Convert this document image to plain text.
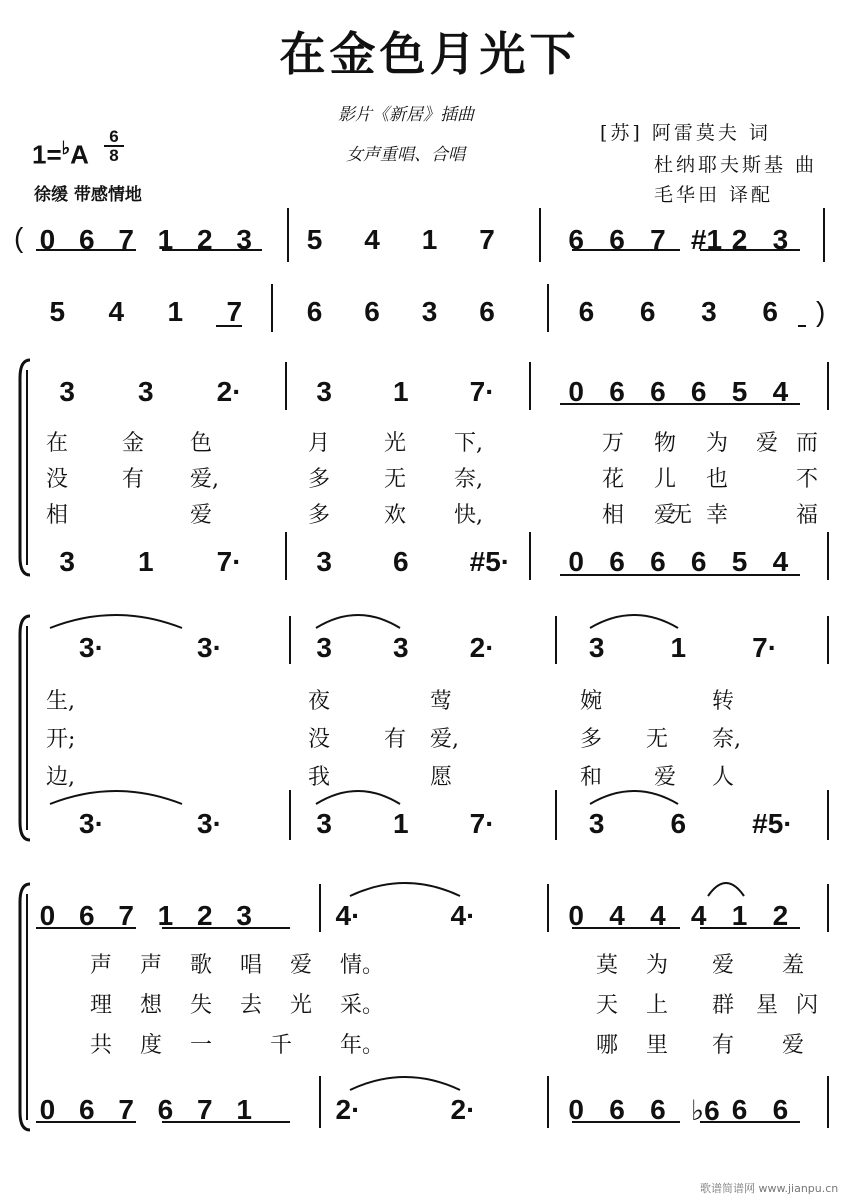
在金色月光下
影片《新居》插曲
女声重唱、合唱
1=♭A
6
8
徐缓 带感情地
[苏] 阿雷莫夫 词
杜纳耶夫斯基 曲
毛华田 译配
(
)
0 6 7 1 2 3 5 4 1 7	6 6 7 #1 2 3
5 4 1 7 6 6 3 6	6 6 3 6
3 3 2·	3 1 7·	0 6 6 6 5 4
3 1 7·	3 6 #5· 0 6 6 6 5 4
在 金 色	月 光 下,	万 物 为 爱 而
没 有 爱,	多 无 奈,	花 儿 也	不
相	爱	多 欢 快,	相 爱 幸	福
无
3·	3·	3 3 2·	3 1 7·
3·	3·	3 1 7·	3 6 #5·
生,	夜	莺	婉	转
开;	没 有 爱,	多 无 奈,
边,	我	愿	和 爱 人
0 6 7 1 2 3	4·	4·	0 4 4 4 1 2
0 6 7 6 7 1	2·	2·	0 6 6 ♭6 6 6
声 声 歌 唱 爱 情。	莫 为 爱 羞
理 想 失 去 光 采。	天 上 群 星 闪
共 度 一	千 年。	哪 里 有 爱
歌谱简谱网 www.jianpu.cn
